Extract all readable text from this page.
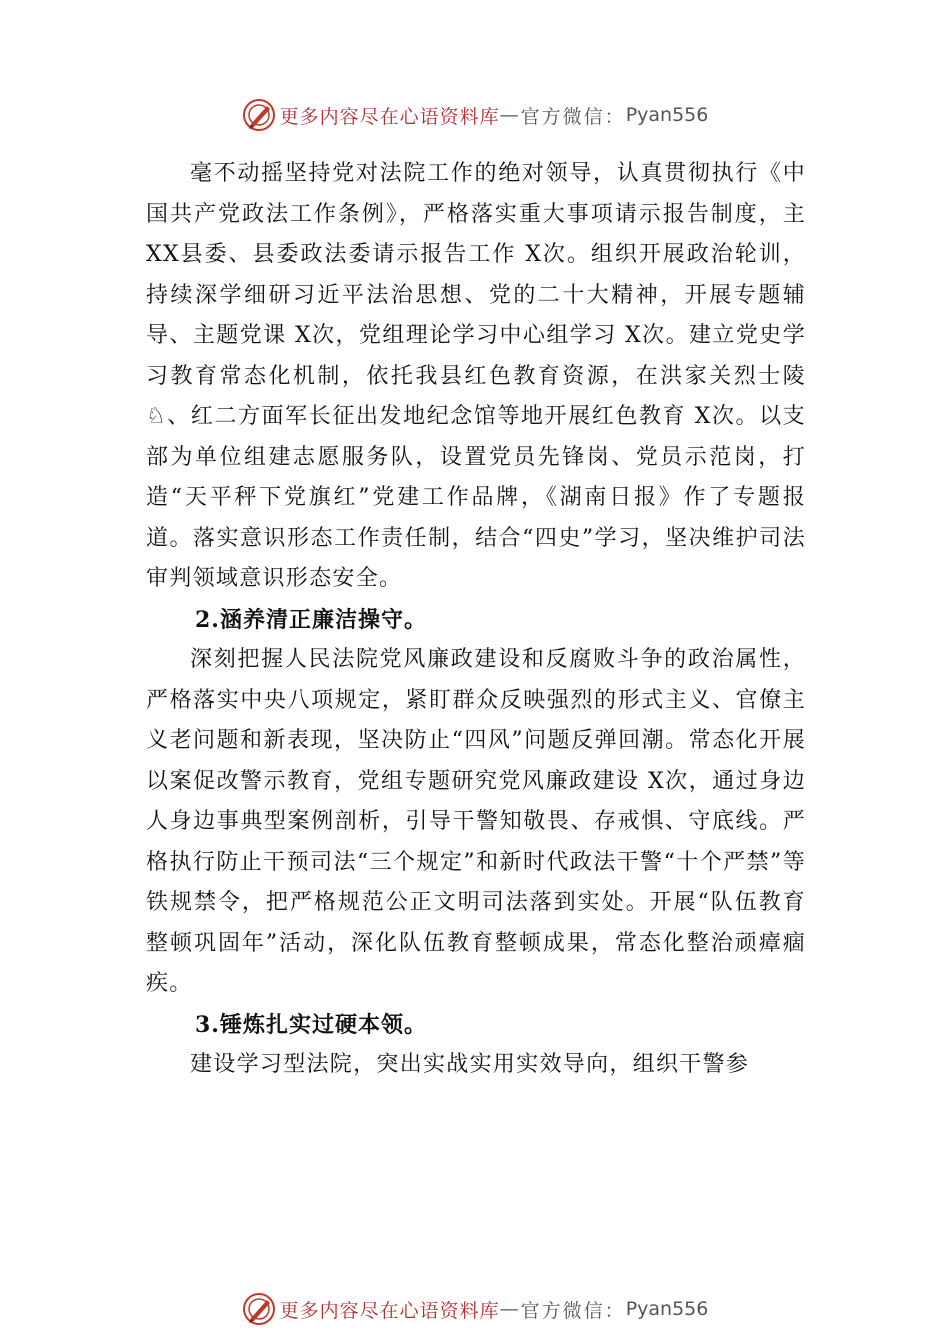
更多内容尽在心语资料库 — 官方微信： Pyan556

毫不动摇坚持党对法院工作的绝对领导，认真贯彻执行《中国共产党政法工作条例》，严格落实重大事项请示报告制度，主XX县委、县委政法委请示报告工作 X次。组织开展政治轮训，持续深学细研习近平法治思想、党的二十大精神，开展专题辅导、主题党课 X次，党组理论学习中心组学习 X次。建立党史学习教育常态化机制，依托我县红色教育资源，在洪家关烈士陵♘、红二方面军长征出发地纪念馆等地开展红色教育 X次。以支部为单位组建志愿服务队，设置党员先锋岗、党员示范岗，打造“天平秤下党旗红”党建工作品牌，《湖南日报》作了专题报道。落实意识形态工作责任制，结合“四史”学习，坚决维护司法审判领域意识形态安全。

2.涵养清正廉洁操守。

深刻把握人民法院党风廉政建设和反腐败斗争的政治属性，严格落实中央八项规定，紧盯群众反映强烈的形式主义、官僚主义老问题和新表现，坚决防止“四风”问题反弹回潮。常态化开展以案促改警示教育，党组专题研究党风廉政建设 X次，通过身边人身边事典型案例剖析，引导干警知敬畏、存戒惧、守底线。严格执行防止干预司法“三个规定”和新时代政法干警“十个严禁”等铁规禁令，把严格规范公正文明司法落到实处。开展“队伍教育整顿巩固年”活动，深化队伍教育整顿成果，常态化整治顽瘴痼疾。

3.锤炼扎实过硬本领。

建设学习型法院，突出实战实用实效导向，组织干警参

更多内容尽在心语资料库 — 官方微信： Pyan556
